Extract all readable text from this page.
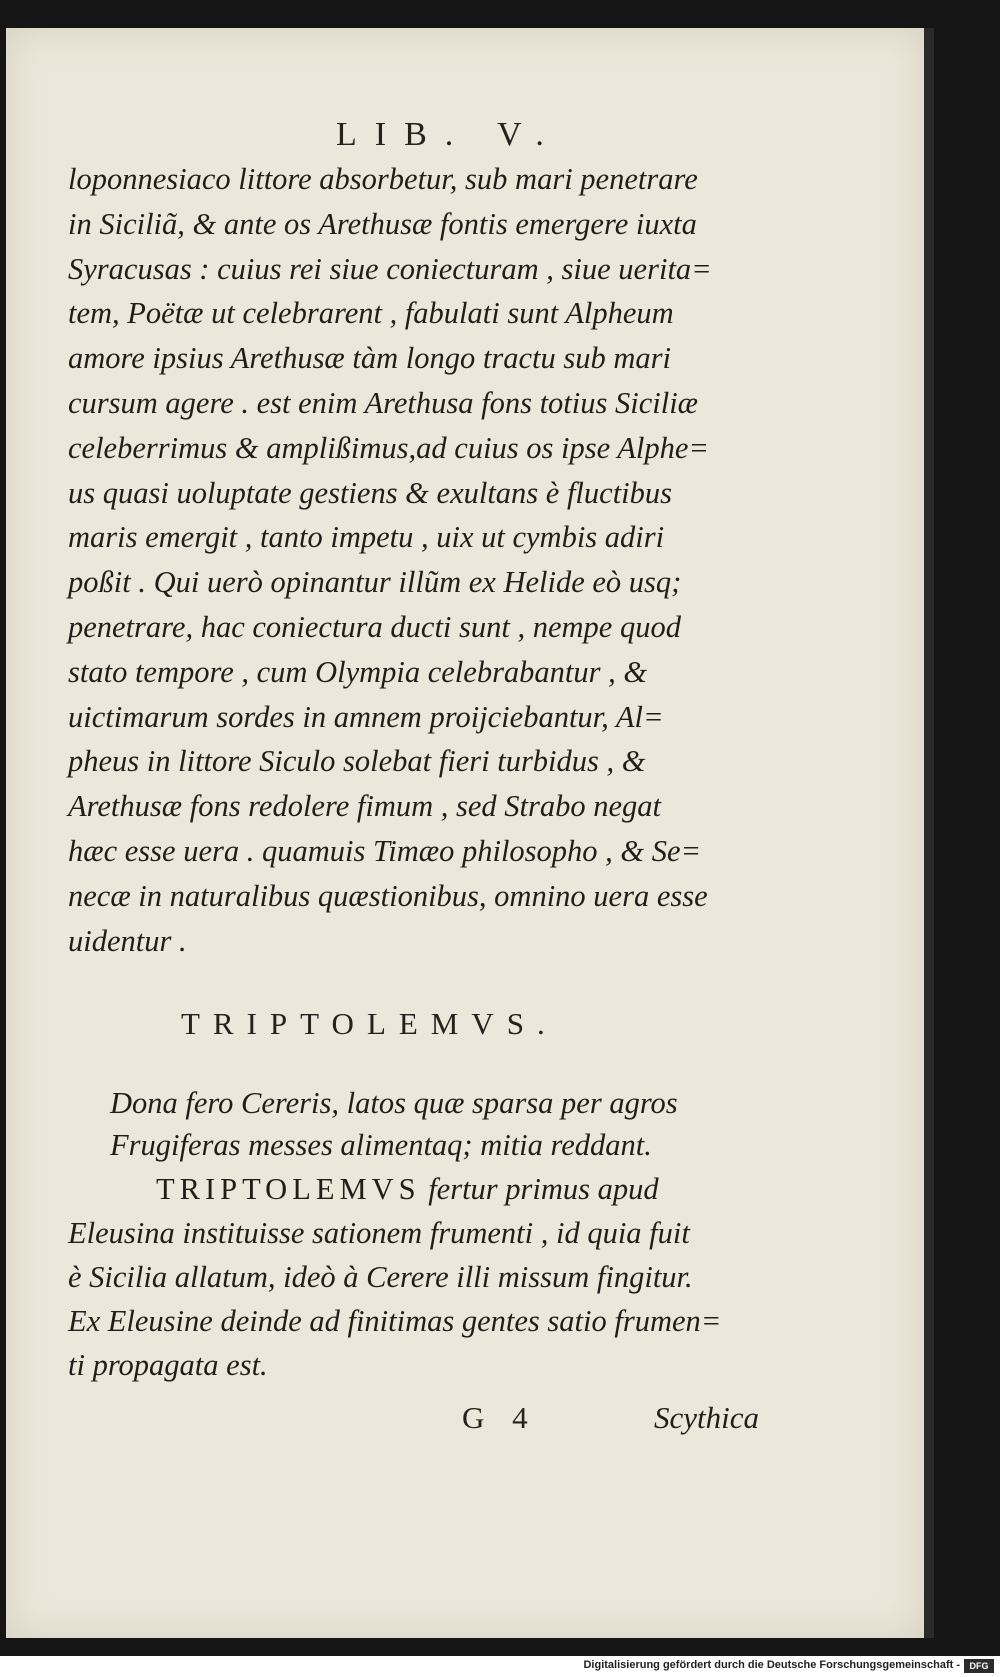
LIB. V.
loponnesiaco littore absorbetur, sub mari penetrare
in Siciliã, & ante os Arethusæ fontis emergere iuxta
Syracusas : cuius rei siue coniecturam , siue uerita=
tem, Poëtæ ut celebrarent , fabulati sunt Alpheum
amore ipsius Arethusæ tàm longo tractu sub mari
cursum agere . est enim Arethusa fons totius Siciliæ
celeberrimus & amplißimus,ad cuius os ipse Alphe=
us quasi uoluptate gestiens & exultans è fluctibus
maris emergit , tanto impetu , uix ut cymbis adiri
poßit . Qui uerò opinantur illũm ex Helide eò usq;
penetrare, hac coniectura ducti sunt , nempe quod
stato tempore , cum Olympia celebrabantur , &
uictimarum sordes in amnem proijciebantur, Al=
pheus in littore Siculo solebat fieri turbidus , &
Arethusæ fons redolere fimum , sed Strabo negat
hæc esse uera . quamuis Timæo philosopho , & Se=
necæ in naturalibus quæstionibus, omnino uera esse
uidentur .
TRIPTOLEMVS.
Dona fero Cereris, latos quæ sparsa per agros
Frugiferas messes alimentaq; mitia reddant.
TRIPTOLEMVS fertur primus apud
Eleusina instituisse sationem frumenti , id quia fuit
è Sicilia allatum, ideò à Cerere illi missum fingitur.
Ex Eleusine deinde ad finitimas gentes satio frumen=
ti propagata est.
G 4	Scythica
Digitalisierung gefördert durch die Deutsche Forschungsgemeinschaft -	DFG
